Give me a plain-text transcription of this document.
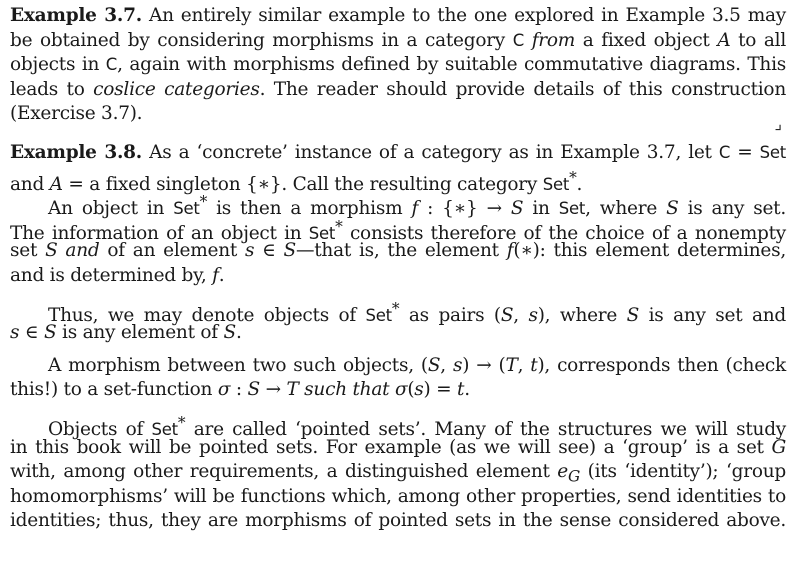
Example 3.7. An entirely similar example to the one explored in Example 3.5 may
be obtained by considering morphisms in a category C from a fixed object A to all
objects in C, again with morphisms defined by suitable commutative diagrams. This
leads to coslice categories. The reader should provide details of this construction
(Exercise 3.7).
Example 3.8. As a ‘concrete’ instance of a category as in Example 3.7, let C = Set
and A = a fixed singleton {∗}. Call the resulting category Set*.
An object in Set* is then a morphism f : {∗} → S in Set, where S is any set.
The information of an object in Set* consists therefore of the choice of a nonempty
set S and of an element s ∈ S—that is, the element f(∗): this element determines,
and is determined by, f.
Thus, we may denote objects of Set* as pairs (S, s), where S is any set and
s ∈ S is any element of S.
A morphism between two such objects, (S, s) → (T, t), corresponds then (check
this!) to a set-function σ : S → T such that σ(s) = t.
Objects of Set* are called ‘pointed sets’. Many of the structures we will study
in this book will be pointed sets. For example (as we will see) a ‘group’ is a set G
with, among other requirements, a distinguished element $e_G$ (its ‘identity’); ‘group
homomorphisms’ will be functions which, among other properties, send identities to
identities; thus, they are morphisms of pointed sets in the sense considered above.
⌟
